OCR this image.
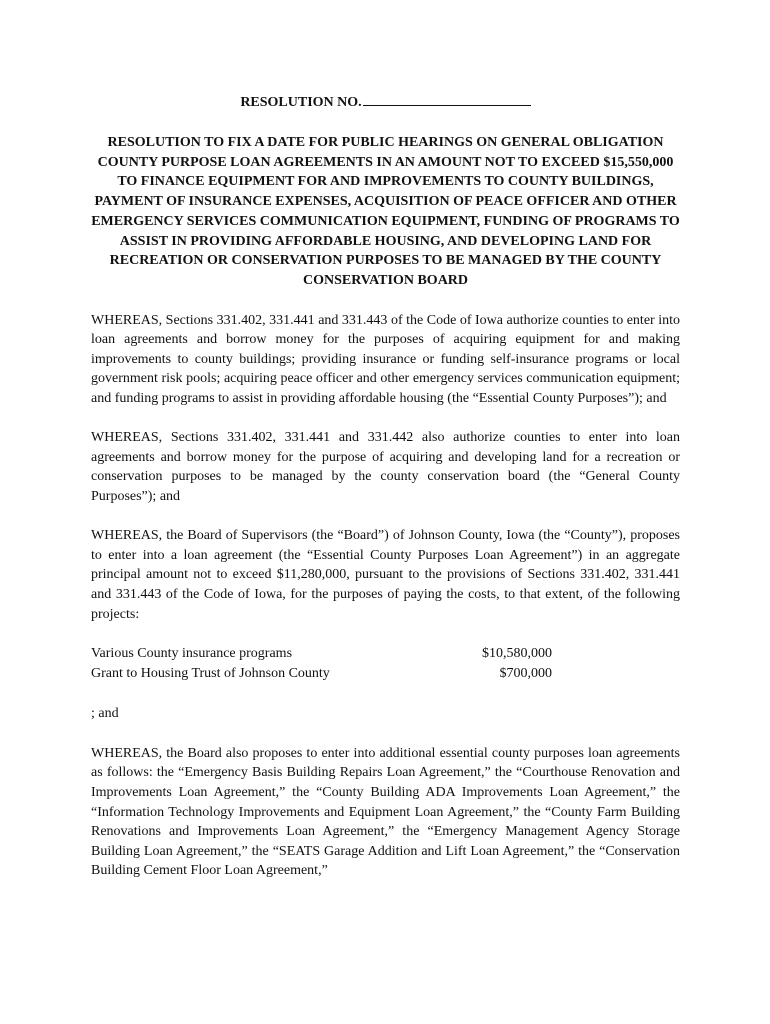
RESOLUTION NO.
RESOLUTION TO FIX A DATE FOR PUBLIC HEARINGS ON GENERAL OBLIGATION COUNTY PURPOSE LOAN AGREEMENTS IN AN AMOUNT NOT TO EXCEED $15,550,000 TO FINANCE EQUIPMENT FOR AND IMPROVEMENTS TO COUNTY BUILDINGS, PAYMENT OF INSURANCE EXPENSES, ACQUISITION OF PEACE OFFICER AND OTHER EMERGENCY SERVICES COMMUNICATION EQUIPMENT, FUNDING OF PROGRAMS TO ASSIST IN PROVIDING AFFORDABLE HOUSING, AND DEVELOPING LAND FOR RECREATION OR CONSERVATION PURPOSES TO BE MANAGED BY THE COUNTY CONSERVATION BOARD

WHEREAS, Sections 331.402, 331.441 and 331.443 of the Code of Iowa authorize counties to enter into loan agreements and borrow money for the purposes of acquiring equipment for and making improvements to county buildings; providing insurance or funding self-insurance programs or local government risk pools; acquiring peace officer and other emergency services communication equipment; and funding programs to assist in providing affordable housing (the “Essential County Purposes”); and

WHEREAS, Sections 331.402, 331.441 and 331.442 also authorize counties to enter into loan agreements and borrow money for the purpose of acquiring and developing land for a recreation or conservation purposes to be managed by the county conservation board (the “General County Purposes”); and

WHEREAS, the Board of Supervisors (the “Board”) of Johnson County, Iowa (the “County”), proposes to enter into a loan agreement (the “Essential County Purposes Loan Agreement”) in an aggregate principal amount not to exceed $11,280,000, pursuant to the provisions of Sections 331.402, 331.441 and 331.443 of the Code of Iowa, for the purposes of paying the costs, to that extent, of the following projects:

Various County insurance programs	$10,580,000
Grant to Housing Trust of Johnson County	$700,000
; and

WHEREAS, the Board also proposes to enter into additional essential county purposes loan agreements as follows: the “Emergency Basis Building Repairs Loan Agreement,” the “Courthouse Renovation and Improvements Loan Agreement,” the “County Building ADA Improvements Loan Agreement,” the “Information Technology Improvements and Equipment Loan Agreement,” the “County Farm Building Renovations and Improvements Loan Agreement,” the “Emergency Management Agency Storage Building Loan Agreement,” the “SEATS Garage Addition and Lift Loan Agreement,” the “Conservation Building Cement Floor Loan Agreement,”
